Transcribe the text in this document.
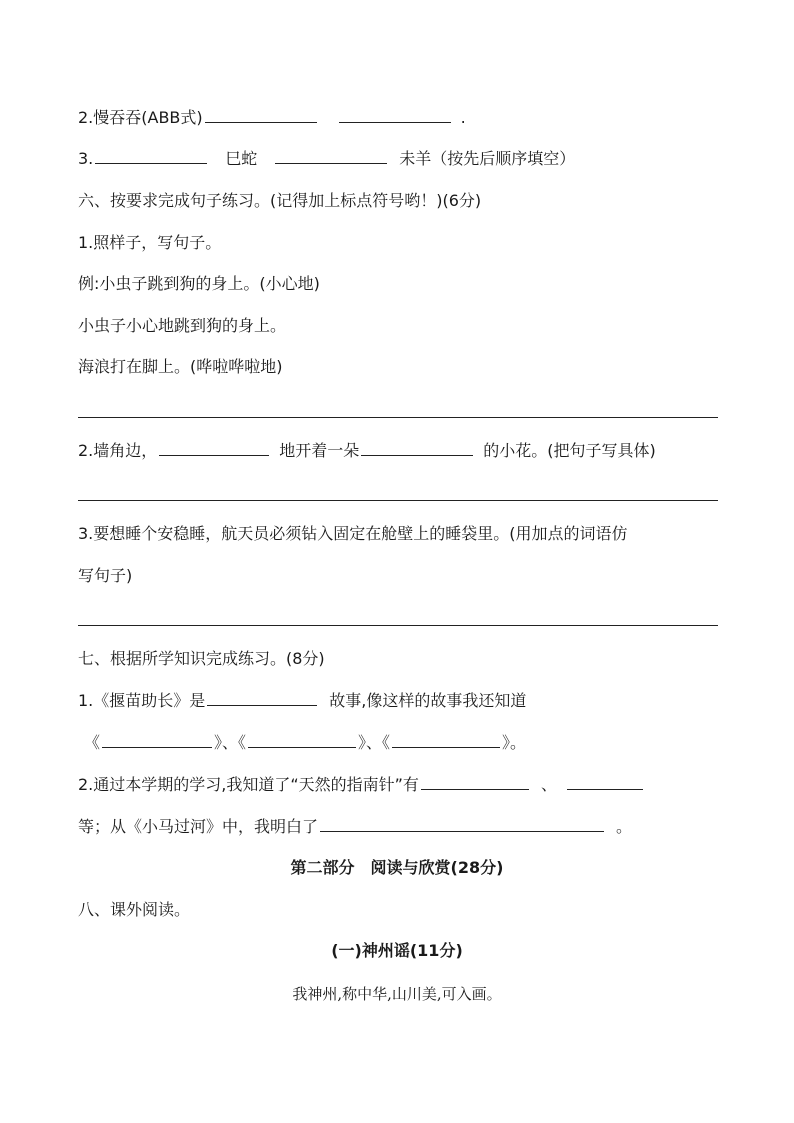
2.慢吞吞(ABB式)	.
3.	巳蛇	未羊（按先后顺序填空）
六、按要求完成句子练习。(记得加上标点符号哟！)(6分)
1.照样子，写句子。
例:小虫子跳到狗的身上。(小心地)
小虫子小心地跳到狗的身上。
海浪打在脚上。(哗啦哗啦地)
2.墙角边，	地开着一朵	的小花。(把句子写具体)
3.要想睡个安稳睡，航天员必须钻入固定在舱壁上的睡袋里。(用加点的词语仿
写句子)
七、根据所学知识完成练习。(8分)
1.《揠苗助长》是	故事,像这样的故事我还知道
《	》、《	》、《	》。
2.通过本学期的学习,我知道了“天然的指南针”有	、
等；从《小马过河》中，我明白了	。
第二部分　阅读与欣赏(28分)
八、课外阅读。
(一)神州谣(11分)
我神州,称中华,山川美,可入画。
